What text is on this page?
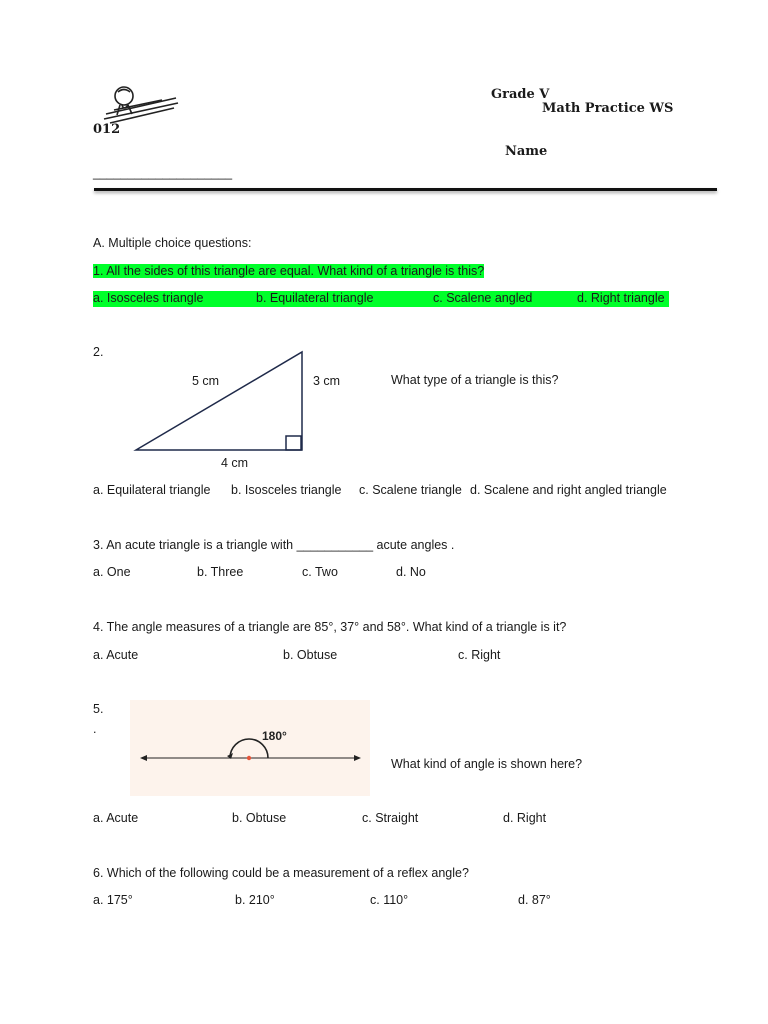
Grade V
Math Practice WS
012
Name
____________________
A. Multiple choice questions:
1. All the sides of this triangle are equal. What kind of a triangle is this?
a. Isosceles triangle	b. Equilateral triangle	c. Scalene angled	d. Right triangle
2.
5 cm	3 cm
4 cm
What type of a triangle is this?
a. Equilateral triangle b. Isosceles triangle c. Scalene triangle d. Scalene and right angled triangle
3. An acute triangle is a triangle with ___________ acute angles .
a. One	b. Three	c. Two	d. No
4. The angle measures of a triangle are 85°, 37° and 58°. What kind of a triangle is it?
a. Acute	b. Obtuse	c. Right
5.
.	180°
What kind of angle is shown here?
a. Acute	b. Obtuse	c. Straight	d. Right
6. Which of the following could be a measurement of a reflex angle?
a. 175°	b. 210°	c. 110°	d. 87°
